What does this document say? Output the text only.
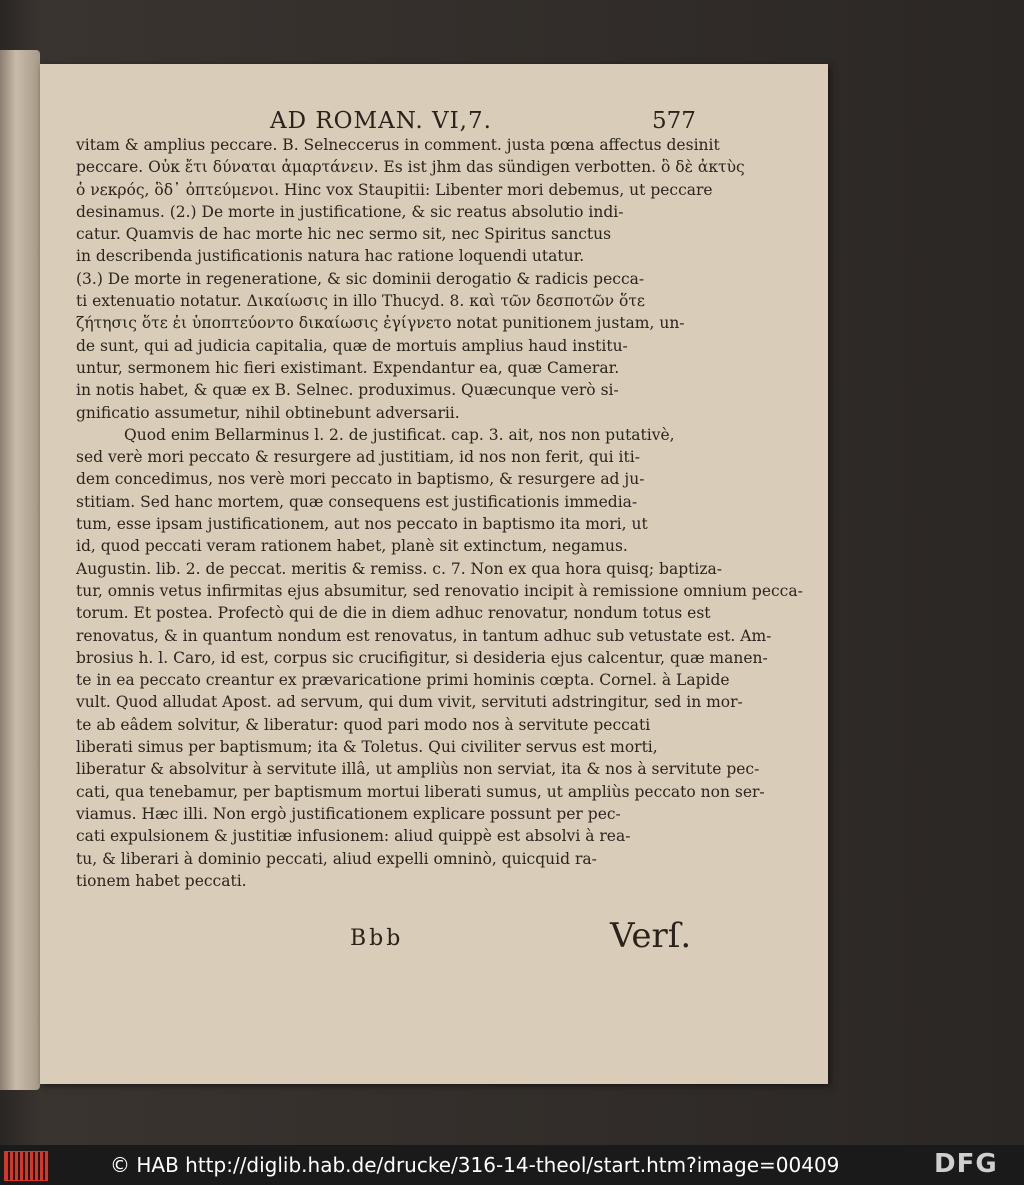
AD ROMAN. VI,7.	577
vitam & amplius peccare. B. Selneccerus in comment. justa pœna affectus desinit
peccare. Οὐκ ἔτι δύναται ἁμαρτάνειν. Es ist jhm das sündigen verbotten. ὃ δὲ ἀκτὺς
ὁ νεκρός, ὃδ᾽ ὀπτεύμενοι. Hinc vox Staupitii: Libenter mori debemus, ut peccare
desinamus. (2.) De morte in justificatione, & sic reatus absolutio indi-
catur. Quamvis de hac morte hic nec sermo sit, nec Spiritus sanctus
in describenda justificationis natura hac ratione loquendi utatur.
(3.) De morte in regeneratione, & sic dominii derogatio & radicis pecca-
ti extenuatio notatur. Δικαίωσις in illo Thucyd. 8. καὶ τῶν δεσποτῶν ὅτε
ζήτησις ὅτε ἐι ὑποπτεύοντο δικαίωσις ἐγίγνετο notat punitionem justam, un-
de sunt, qui ad judicia capitalia, quæ de mortuis amplius haud institu-
untur, sermonem hic fieri existimant. Expendantur ea, quæ Camerar.
in notis habet, & quæ ex B. Selnec. produximus. Quæcunque verò si-
gnificatio assumetur, nihil obtinebunt adversarii.
Quod enim Bellarminus l. 2. de justificat. cap. 3. ait, nos non putativè,
sed verè mori peccato & resurgere ad justitiam, id nos non ferit, qui iti-
dem concedimus, nos verè mori peccato in baptismo, & resurgere ad ju-
stitiam. Sed hanc mortem, quæ consequens est justificationis immedia-
tum, esse ipsam justificationem, aut nos peccato in baptismo ita mori, ut
id, quod peccati veram rationem habet, planè sit extinctum, negamus.
Augustin. lib. 2. de peccat. meritis & remiss. c. 7. Non ex qua hora quisq; baptiza-
tur, omnis vetus infirmitas ejus absumitur, sed renovatio incipit à remissione omnium pecca-
torum. Et postea. Profectò qui de die in diem adhuc renovatur, nondum totus est
renovatus, & in quantum nondum est renovatus, in tantum adhuc sub vetustate est. Am-
brosius h. l. Caro, id est, corpus sic crucifigitur, si desideria ejus calcentur, quæ manen-
te in ea peccato creantur ex prævaricatione primi hominis cœpta. Cornel. à Lapide
vult. Quod alludat Apost. ad servum, qui dum vivit, servituti adstringitur, sed in mor-
te ab eâdem solvitur, & liberatur: quod pari modo nos à servitute peccati
liberati simus per baptismum; ita & Toletus. Qui civiliter servus est morti,
liberatur & absolvitur à servitute illâ, ut ampliùs non serviat, ita & nos à servitute pec-
cati, qua tenebamur, per baptismum mortui liberati sumus, ut ampliùs peccato non ser-
viamus. Hæc illi. Non ergò justificationem explicare possunt per pec-
cati expulsionem & justitiæ infusionem: aliud quippè est absolvi à rea-
tu, & liberari à dominio peccati, aliud expelli omninò, quicquid ra-
tionem habet peccati.
Bbb	Verſ.
© HAB http://diglib.hab.de/drucke/316-14-theol/start.htm?image=00409	DFG
